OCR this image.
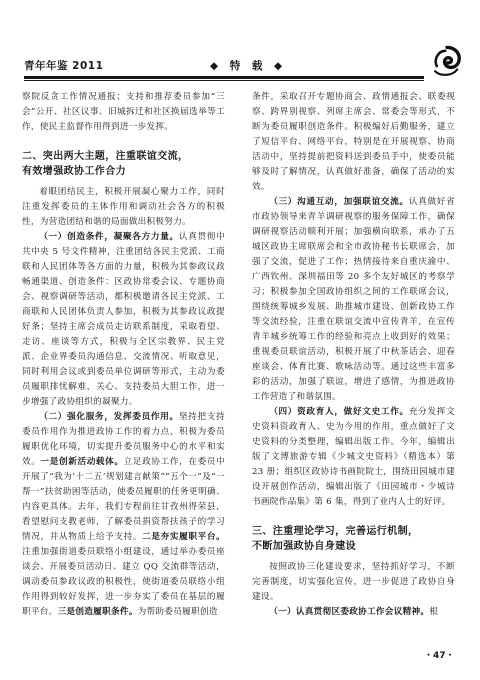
青年年鉴 2011	◆ 特 载 ◆

察院反贪工作情况通报；支持和推荐委员参加“三会”公开、社区议事、旧城拆迁和社区换届选举等工作，使民主监督作用得到进一步发挥。

二、突出两大主题，注重联谊交流，
有效增强政协工作合力

着眼团结民主，积极开展凝心聚力工作，同时注重发挥委员的主体作用和调动社会各方的积极性，为营造团结和谐的局面做出积极努力。

（一）创造条件，凝聚各方力量。认真贯彻中共中央 5 号文件精神，注重团结各民主党派、工商联和人民团体等各方面的力量，积极为其参政议政畅通渠道、创造条件：区政协常委会议、专题协商会、视察调研等活动，都积极邀请各民主党派、工商联和人民团体负责人参加，积极为其参政议政提好条；坚持主席会成员走访联系制度，采取看望、走访、座谈等方式，积极与全区宗教界、民主党派、企业界委员沟通信息、交流情况、听取意见，同时利用会议或到委员单位调研等形式，主动为委员履职排忧解难，关心、支持委员大胆工作，进一步增强了政协组织的凝聚力。

（二）强化服务，发挥委员作用。坚持把支持委员作用作为推进政协工作的着力点，积极为委员履职优化环境，切实提升委员服务中心的水平和实效。一是创新活动载体。立足政协工作，在委员中开展了“我为‘十二五’规划建言献策”“五个一”及“一帮一”扶贫助困等活动，使委员履职的任务更明确、内容更具体。去年，我们专程前往甘孜州得荣县，看望慰问支教老师，了解委员捐资帮扶孩子的学习情况，并从物质上给予支持。二是夯实履职平台。注重加强街道委员联络小组建设，通过举办委员座谈会、开展委员活动日、建立 QQ 交流群等活动，调动委员参政议政的积极性，使街道委员联络小组作用得到较好发挥，进一步夯实了委员在基层的履职平台。三是创造履职条件。为帮助委员履职创造

条件，采取召开专题协商会、政情通报会、联委视察、跨界别视察、列席主席会、常委会等形式，不断为委员履职创造条件。积极编好后勤服务，建立了短信平台、网络平台，特别是在开展视察、协商活动中，坚持提前把资料送到委员手中，使委员能够及时了解情况，认真做好准备，确保了活动的实效。

（三）沟通互动，加强联谊交流。认真做好省市政协领导来青羊调研视察的服务保障工作，确保调研视察活动顺利开展；加强横向联系，承办了五城区政协主席联席会和全市政协秘书长联席会，加强了交流，促进了工作；热情接待来自重庆渝中、广西钦州、深圳福田等 20 多个友好城区的考察学习；积极参加全国政协组织之间的工作联席会议，围绕统筹城乡发展、助推城市建设、创新政协工作等交流经验，注重在联谊交流中宣传青羊，在宣传青羊城乡统筹工作的经验和亮点上收到好的效果；重视委员联谊活动，积极开展了中秋茶话会、迎春座谈会、体育比赛、歌咏活动等。通过这些丰富多彩的活动，加强了联谊，增进了感情，为推进政协工作营造了和谐氛围。

（四）资政育人，做好文史工作。充分发挥文史资料资政育人、史为今用的作用，重点做好了文史资料的分类整理，编辑出版工作。今年，编辑出版了文博旅游专辑《少城文史资料》（精选本）第 23 册；组织区政协诗书画院院士，围绕田园城市建设开展创作活动，编辑出版了《田园城市・少城诗书画院作品集》第 6 集，得到了业内人士的好评。

三、注重理论学习，完善运行机制，
不断加强政协自身建设

按照政协三化建设要求，坚持抓好学习，不断完善制度，切实强化宣传，进一步促进了政协自身建设。

（一）认真贯彻区委政协工作会议精神。根

・47・
